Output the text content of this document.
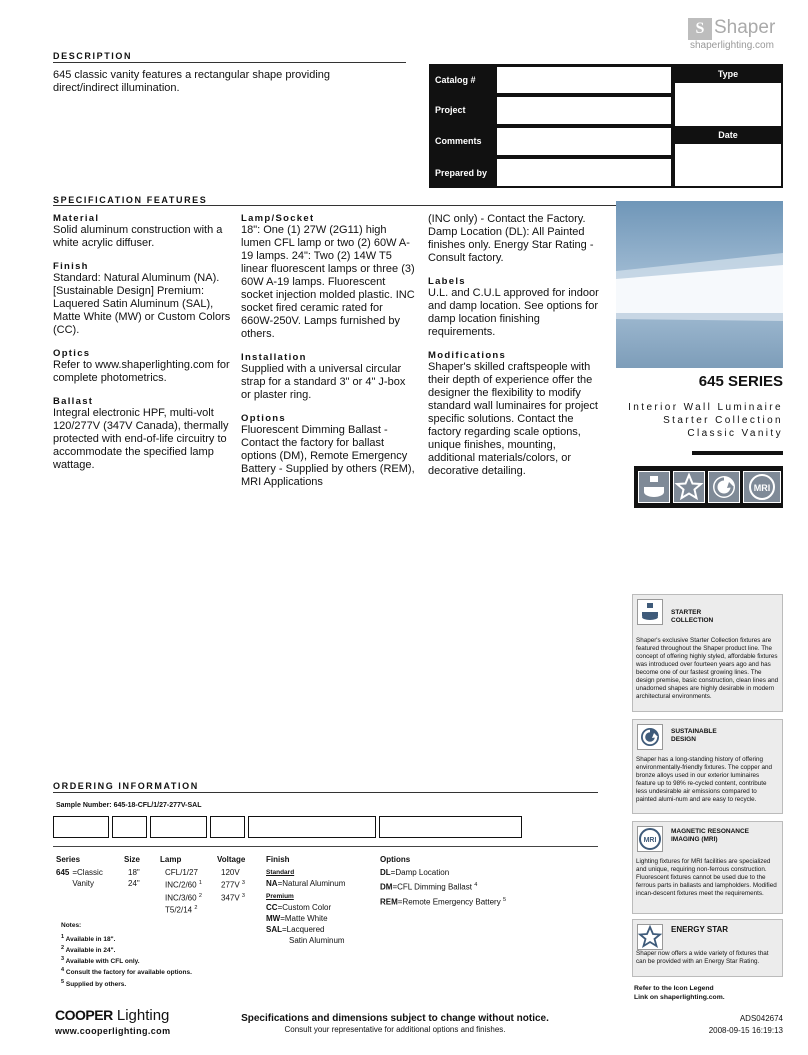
S Shaper
shaperlighting.com
DESCRIPTION
645 classic vanity features a rectangular shape providing direct/indirect illumination.
Catalog #
Project
Comments
Prepared by
Type
Date
SPECIFICATION FEATURES
Material
Solid aluminum construction with a white acrylic diffuser.
Finish
Standard: Natural Aluminum (NA). [Sustainable Design] Premium: Laquered Satin Aluminum (SAL), Matte White (MW) or Custom Colors (CC).
Optics
Refer to www.shaperlighting.com for complete photometrics.
Ballast
Integral electronic HPF, multi-volt 120/277V (347V Canada), thermally protected with end-of-life circuitry to accommodate the specified lamp wattage.
Lamp/Socket
18": One (1) 27W (2G11) high lumen CFL lamp or two (2) 60W A-19 lamps. 24": Two (2) 14W T5 linear fluorescent lamps or three (3) 60W A-19 lamps. Fluorescent socket injection molded plastic. INC socket fired ceramic rated for 660W-250V. Lamps furnished by others.
Installation
Supplied with a universal circular strap for a standard 3" or 4" J-box or plaster ring.
Options
Fluorescent Dimming Ballast - Contact the factory for ballast options (DM), Remote Emergency Battery - Supplied by others (REM), MRI Applications
(INC only) - Contact the Factory. Damp Location (DL): All Painted finishes only. Energy Star Rating - Consult factory.
Labels
U.L. and C.U.L approved for indoor and damp location. See options for damp location finishing requirements.
Modifications
Shaper's skilled craftspeople with their depth of experience offer the designer the flexibility to modify standard wall luminaires for project specific solutions. Contact the factory regarding scale options, unique finishes, mounting, additional materials/colors, or decorative detailing.
645 SERIES
Interior Wall Luminaire
Starter Collection
Classic Vanity
MRI
STARTER COLLECTION
Shaper's exclusive Starter Collection fixtures are featured throughout the Shaper product line. The concept of offering highly styled, affordable fixtures was introduced over fourteen years ago and has become one of our fastest growing lines. The design premise, basic construction, clean lines and unadorned shapes are highly desirable in modern architectural environments.
SUSTAINABLE DESIGN
Shaper has a long-standing history of offering environmentally-friendly fixtures. The copper and bronze alloys used in our exterior luminaires feature up to 98% re-cycled content, contribute less undesirable air emissions compared to painted alumi-num and are easy to recycle.
MRI
MAGNETIC RESONANCE IMAGING (MRI)
Lighting fixtures for MRI facilities are specialized and unique, requiring non-ferrous construction. Fluorescent fixtures cannot be used due to the ferrous parts in ballasts and lampholders. Modified incan-descent fixtures meet the requirements.
ENERGY STAR
Shaper now offers a wide variety of fixtures that can be provided with an Energy Star Rating.
Refer to the Icon Legend
Link on shaperlighting.com.
ORDERING INFORMATION
Sample Number: 645-18-CFL/1/27-277V-SAL
Series
645 =Classic Vanity
Size
18"
24"
Lamp
CFL/1/27
INC/2/60 $^1$
INC/3/60 $^2$
T5/2/14 $^2$
Voltage
120V
277V $^3$
347V $^3$
Finish
Standard
NA=Natural Aluminum
Premium
CC=Custom Color
MW=Matte White
SAL=Lacquered
Satin Aluminum
Options
DL=Damp Location
DM=CFL Dimming Ballast $^4$
REM=Remote Emergency Battery $^5$
Notes:
$^1$ Available in 18".
$^2$ Available in 24".
$^3$ Available with CFL only.
$^4$ Consult the factory for available options.
$^5$ Supplied by others.
COOPER Lighting
www.cooperlighting.com
Specifications and dimensions subject to change without notice.
Consult your representative for additional options and finishes.
ADS042674
2008-09-15 16:19:13
